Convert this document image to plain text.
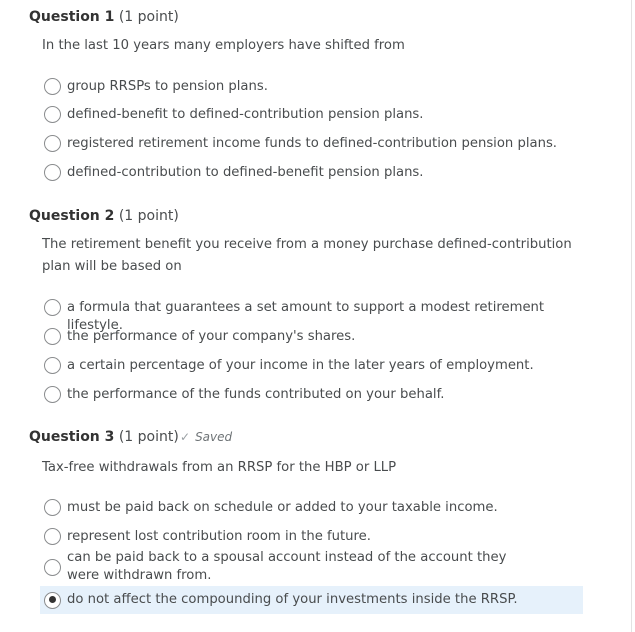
Question 1 (1 point)
In the last 10 years many employers have shifted from
group RRSPs to pension plans.
defined-benefit to defined-contribution pension plans.
registered retirement income funds to defined-contribution pension plans.
defined-contribution to defined-benefit pension plans.
Question 2 (1 point)
The retirement benefit you receive from a money purchase defined-contribution plan will be based on
a formula that guarantees a set amount to support a modest retirement lifestyle.
the performance of your company's shares.
a certain percentage of your income in the later years of employment.
the performance of the funds contributed on your behalf.
Question 3 (1 point) ✓ Saved
Tax-free withdrawals from an RRSP for the HBP or LLP
must be paid back on schedule or added to your taxable income.
represent lost contribution room in the future.
can be paid back to a spousal account instead of the account they were withdrawn from.
do not affect the compounding of your investments inside the RRSP.
